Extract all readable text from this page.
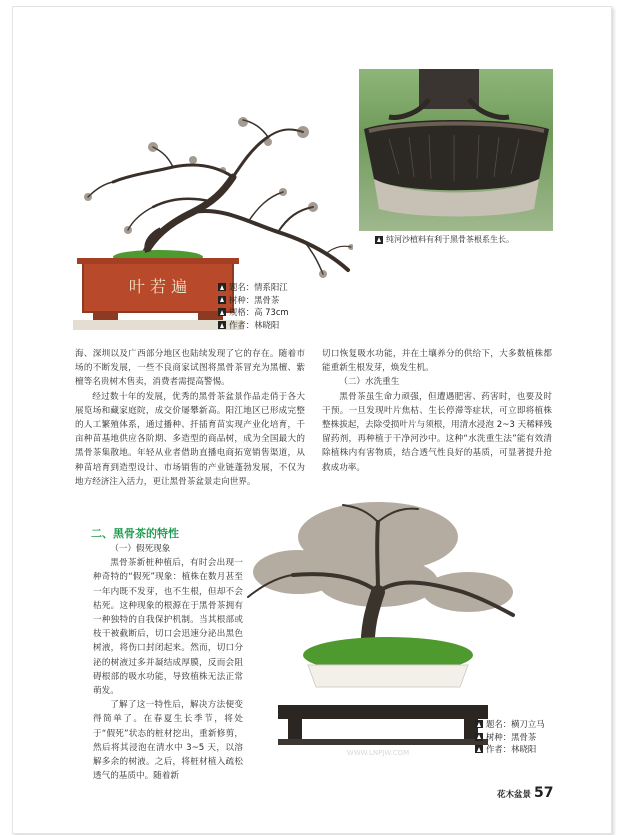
叶 若 遍	题名：情系阳江
树种：黑骨茶
规格：高 73cm
作者：林晓阳
纯河沙植料有利于黑骨茶根系生长。

海、深圳以及广西部分地区也陆续发现了它的存在。随着市场的不断发展，一些不良商家试图将黑骨茶冒充为黑檀、紫檀等名贵树木售卖，消费者需提高警惕。

经过数十年的发展，优秀的黑骨茶盆景作品走俏于各大展览场和藏家庭院，成交价屡攀新高。阳江地区已形成完整的人工繁殖体系，通过播种、扦插育苗实现产业化培育，千亩种苗基地供应各阶期、多造型的商品树，成为全国最大的黑骨茶集散地。年轻从业者借助直播电商拓宽销售渠道，从种苗培育到造型设计、市场销售的产业链蓬勃发展，不仅为地方经济注入活力，更让黑骨茶盆景走向世界。

切口恢复吸水功能，并在土壤养分的供给下，大多数植株都能重新生根发芽，焕发生机。

（二）水洗重生

黑骨茶虽生命力顽强，但遭遇肥害、药害时，也要及时干预。一旦发现叶片焦枯、生长停滞等症状，可立即将植株整株拔起，去除受损叶片与须根，用清水浸泡 2~3 天稀释残留药剂，再种植于干净河沙中。这种“水洗重生法”能有效清除植株内有害物质，结合透气性良好的基质，可显著提升抢救成功率。

二、黑骨茶的特性

（一）假死现象

黑骨茶新桩种植后，有时会出现一种奇特的“假死”现象：植株在数月甚至一年内既不发芽，也不生根，但却不会枯死。这种现象的根源在于黑骨茶拥有一种独特的自我保护机制。当其根部或枝干被截断后，切口会迅速分泌出黑色树液，将伤口封闭起来。然而，切口分泌的树液过多并凝结成厚膜，反而会阻碍根部的吸水功能，导致植株无法正常萌发。

了解了这一特性后，解决方法便变得简单了。在春夏生长季节，将处于“假死”状态的桩材挖出，重新修剪，然后将其浸泡在清水中 3~5 天，以溶解多余的树液。之后，将桩材植入疏松透气的基质中。随着新

WWW.LNPJW.COM
题名：横刀立马
树种：黑骨茶
作者：林晓阳
花木盆景 57
